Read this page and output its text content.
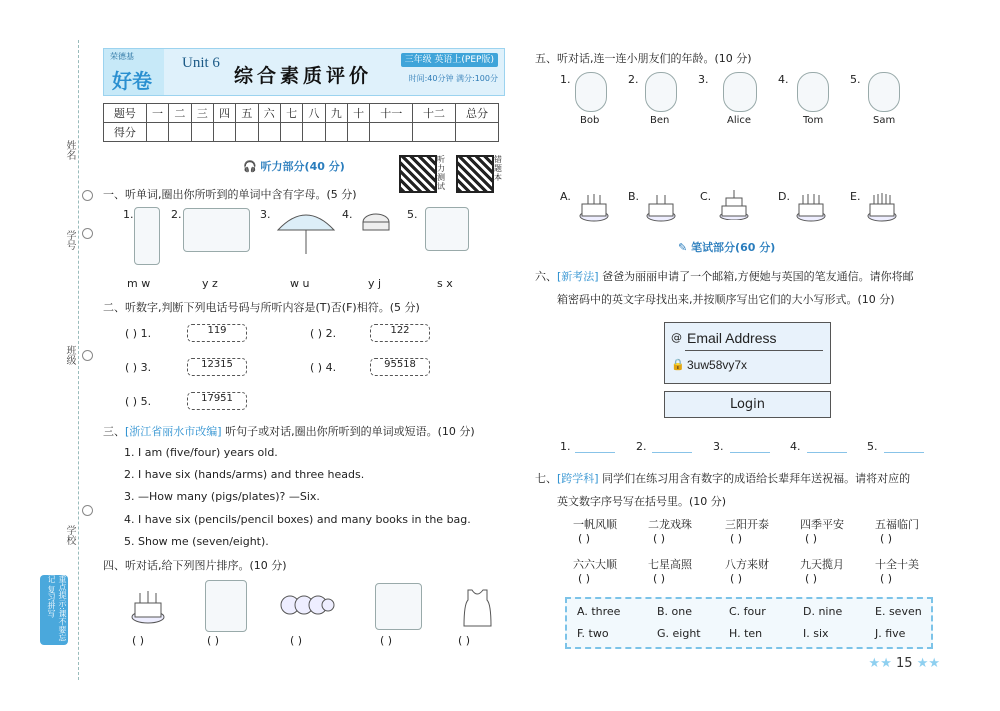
姓名
学号
班级
学校
重点提示:课不要忘记 复习拼写
荣德基
好卷
Unit 6
综合素质评价
三年级 英语上(PEP版)
时间:40分钟 满分:100分
题号	一	二	三	四	五	六	七	八	九	十	十一	十二	总分
得分													
🎧 听力部分(40 分)
听力测试
错题本
一、听单词,圈出你所听到的单词中含有字母。(5 分)
1.	2.	3.	4.	5.
m w	y z	w u	y j	s x
二、听数字,判断下列电话号码与所听内容是(T)否(F)相符。(5 分)
( ) 1.	119	( ) 2.	122
( ) 3.	12315	( ) 4.	95518
( ) 5.	17951
三、[浙江省丽水市改编] 听句子或对话,圈出你所听到的单词或短语。(10 分)
1. I am (five/four) years old.
2. I have six (hands/arms) and three heads.
3. —How many (pigs/plates)? —Six.
4. I have six (pencils/pencil boxes) and many books in the bag.
5. Show me (seven/eight).
四、听对话,给下列图片排序。(10 分)
( )	( )	( )	( )	( )
五、听对话,连一连小朋友们的年龄。(10 分)
1.	2.	3.	4.	5.
Bob	Ben	Alice	Tom	Sam
A.	B.	C.	D.	E.
✎ 笔试部分(60 分)
六、[新考法] 爸爸为丽丽申请了一个邮箱,方便她与英国的笔友通信。请你将邮
箱密码中的英文字母找出来,并按顺序写出它们的大小写形式。(10 分)
@ Email Address
🔒 3uw58vy7x
Login
1.	2.	3.	4.	5.
七、[跨学科] 同学们在练习用含有数字的成语给长辈拜年送祝福。请将对应的
英文数字序号写在括号里。(10 分)
一帆风顺	二龙戏珠	三阳开泰	四季平安	五福临门
( )	( )	( )	( )	( )
六六大顺	七星高照	八方来财	九天揽月	十全十美
( )	( )	( )	( )	( )
A. three	B. one	C. four	D. nine	E. seven
F. two	G. eight	H. ten	I. six	J. five
★★ 15 ★★
